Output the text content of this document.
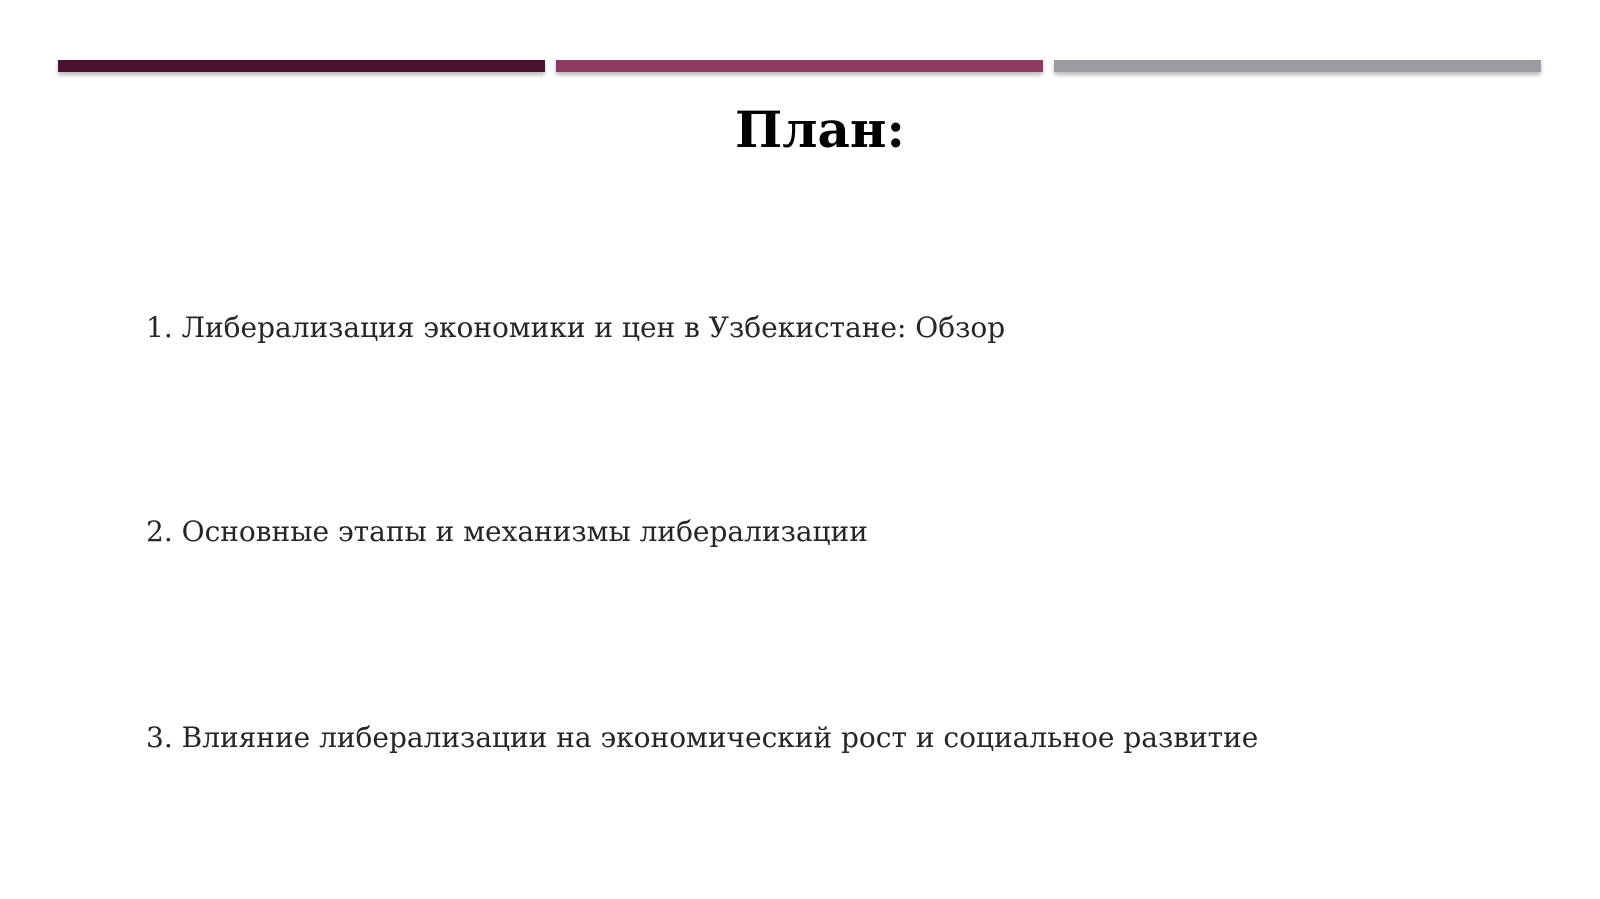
План:
1. Либерализация экономики и цен в Узбекистане: Обзор
2. Основные этапы и механизмы либерализации
3. Влияние либерализации на экономический рост и социальное развитие
